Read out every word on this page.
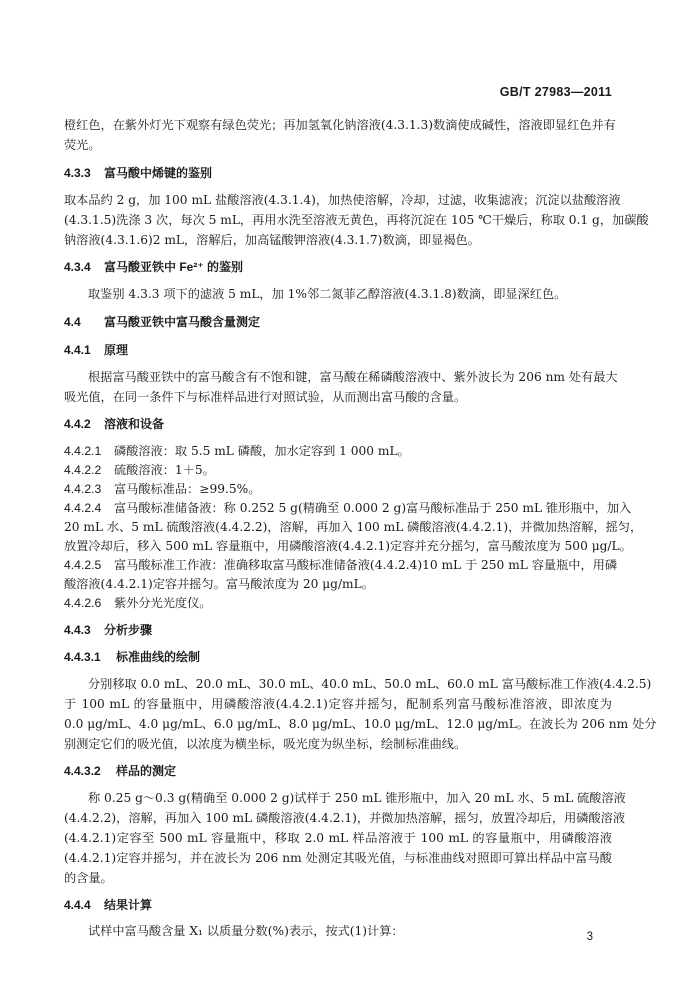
GB/T 27983—2011
橙红色，在紫外灯光下观察有绿色荧光；再加氢氧化钠溶液(4.3.1.3)数滴使成碱性，溶液即显红色并有
荧光。
4.3.3 富马酸中烯键的鉴别
取本品约 2 g，加 100 mL 盐酸溶液(4.3.1.4)，加热使溶解，冷却，过滤，收集滤液；沉淀以盐酸溶液
(4.3.1.5)洗涤 3 次，每次 5 mL，再用水洗至溶液无黄色，再将沉淀在 105 ℃干燥后，称取 0.1 g，加碳酸
钠溶液(4.3.1.6)2 mL，溶解后，加高锰酸钾溶液(4.3.1.7)数滴，即显褐色。
4.3.4 富马酸亚铁中 Fe²⁺ 的鉴别
取鉴别 4.3.3 项下的滤液 5 mL，加 1%邻二氮菲乙醇溶液(4.3.1.8)数滴，即显深红色。
4.4 富马酸亚铁中富马酸含量测定
4.4.1 原理
根据富马酸亚铁中的富马酸含有不饱和键，富马酸在稀磷酸溶液中、紫外波长为 206 nm 处有最大
吸光值，在同一条件下与标准样品进行对照试验，从而测出富马酸的含量。
4.4.2 溶液和设备
4.4.2.1 磷酸溶液：取 5.5 mL 磷酸，加水定容到 1 000 mL。
4.4.2.2 硫酸溶液：1＋5。
4.4.2.3 富马酸标准品：≥99.5%。
4.4.2.4 富马酸标准储备液：称 0.252 5 g(精确至 0.000 2 g)富马酸标准品于 250 mL 锥形瓶中，加入
20 mL 水、5 mL 硫酸溶液(4.4.2.2)，溶解，再加入 100 mL 磷酸溶液(4.4.2.1)，并微加热溶解，摇匀，
放置冷却后，移入 500 mL 容量瓶中，用磷酸溶液(4.4.2.1)定容并充分摇匀，富马酸浓度为 500 μg/L。
4.4.2.5 富马酸标准工作液：准确移取富马酸标准储备液(4.4.2.4)10 mL 于 250 mL 容量瓶中，用磷
酸溶液(4.4.2.1)定容并摇匀。富马酸浓度为 20 μg/mL。
4.4.2.6 紫外分光光度仪。
4.4.3 分析步骤
4.4.3.1 标准曲线的绘制
分别移取 0.0 mL、20.0 mL、30.0 mL、40.0 mL、50.0 mL、60.0 mL 富马酸标准工作液(4.4.2.5)
于 100 mL 的容量瓶中，用磷酸溶液(4.4.2.1)定容并摇匀，配制系列富马酸标准溶液，即浓度为
0.0 μg/mL、4.0 μg/mL、6.0 μg/mL、8.0 μg/mL、10.0 μg/mL、12.0 μg/mL。在波长为 206 nm 处分
别测定它们的吸光值，以浓度为横坐标，吸光度为纵坐标，绘制标准曲线。
4.4.3.2 样品的测定
称 0.25 g～0.3 g(精确至 0.000 2 g)试样于 250 mL 锥形瓶中，加入 20 mL 水、5 mL 硫酸溶液
(4.4.2.2)，溶解，再加入 100 mL 磷酸溶液(4.4.2.1)，并微加热溶解，摇匀，放置冷却后，用磷酸溶液
(4.4.2.1)定容至 500 mL 容量瓶中，移取 2.0 mL 样品溶液于 100 mL 的容量瓶中，用磷酸溶液
(4.4.2.1)定容并摇匀，并在波长为 206 nm 处测定其吸光值，与标准曲线对照即可算出样品中富马酸
的含量。
4.4.4 结果计算
试样中富马酸含量 X₁ 以质量分数(%)表示，按式(1)计算：	3
